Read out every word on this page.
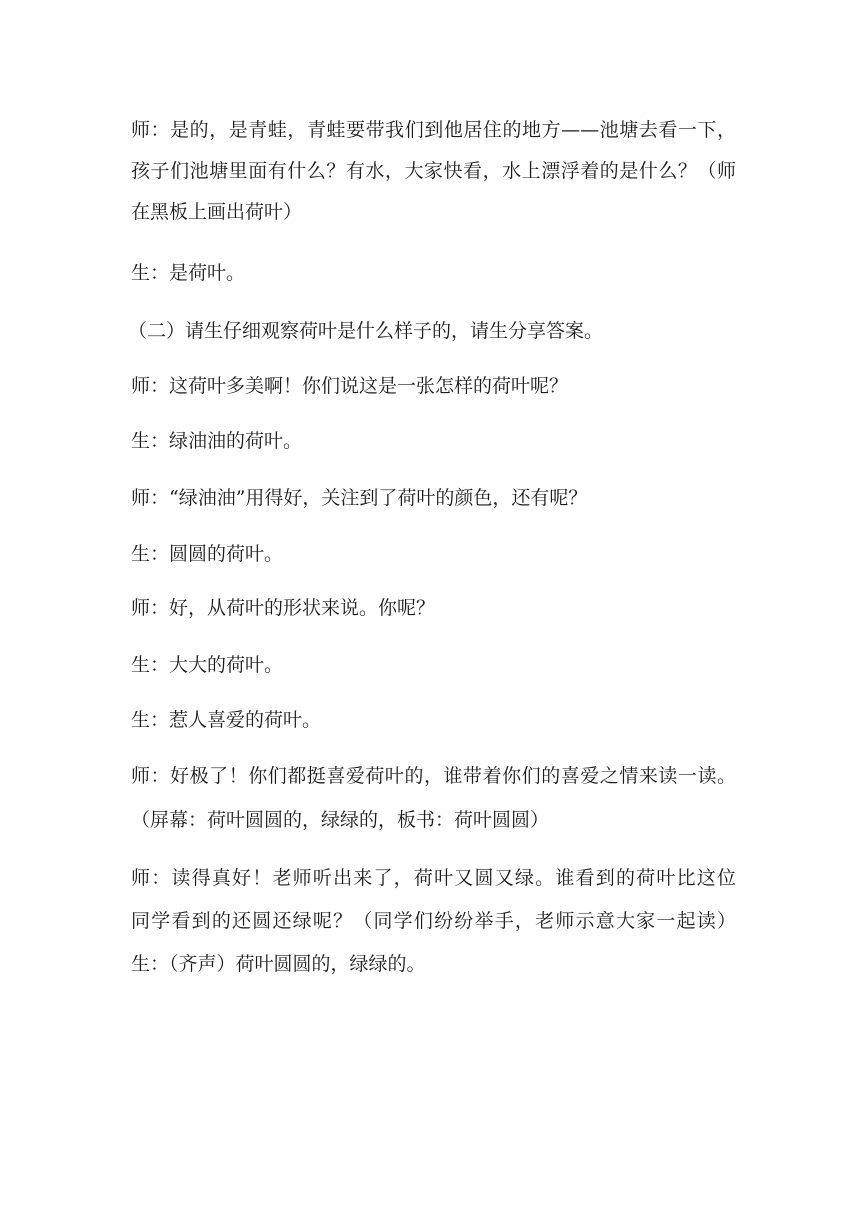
师：是的，是青蛙，青蛙要带我们到他居住的地方——池塘去看一下，
孩子们池塘里面有什么？有水，大家快看，水上漂浮着的是什么？（师
在黑板上画出荷叶）
生：是荷叶。
（二）请生仔细观察荷叶是什么样子的，请生分享答案。
师：这荷叶多美啊！你们说这是一张怎样的荷叶呢？
生：绿油油的荷叶。
师：“绿油油”用得好，关注到了荷叶的颜色，还有呢？
生：圆圆的荷叶。
师：好，从荷叶的形状来说。你呢？
生：大大的荷叶。
生：惹人喜爱的荷叶。
师：好极了！你们都挺喜爱荷叶的，谁带着你们的喜爱之情来读一读。
（屏幕：荷叶圆圆的，绿绿的，板书：荷叶圆圆）
师：读得真好！老师听出来了，荷叶又圆又绿。谁看到的荷叶比这位
同学看到的还圆还绿呢？（同学们纷纷举手，老师示意大家一起读）
生：（齐声）荷叶圆圆的，绿绿的。
